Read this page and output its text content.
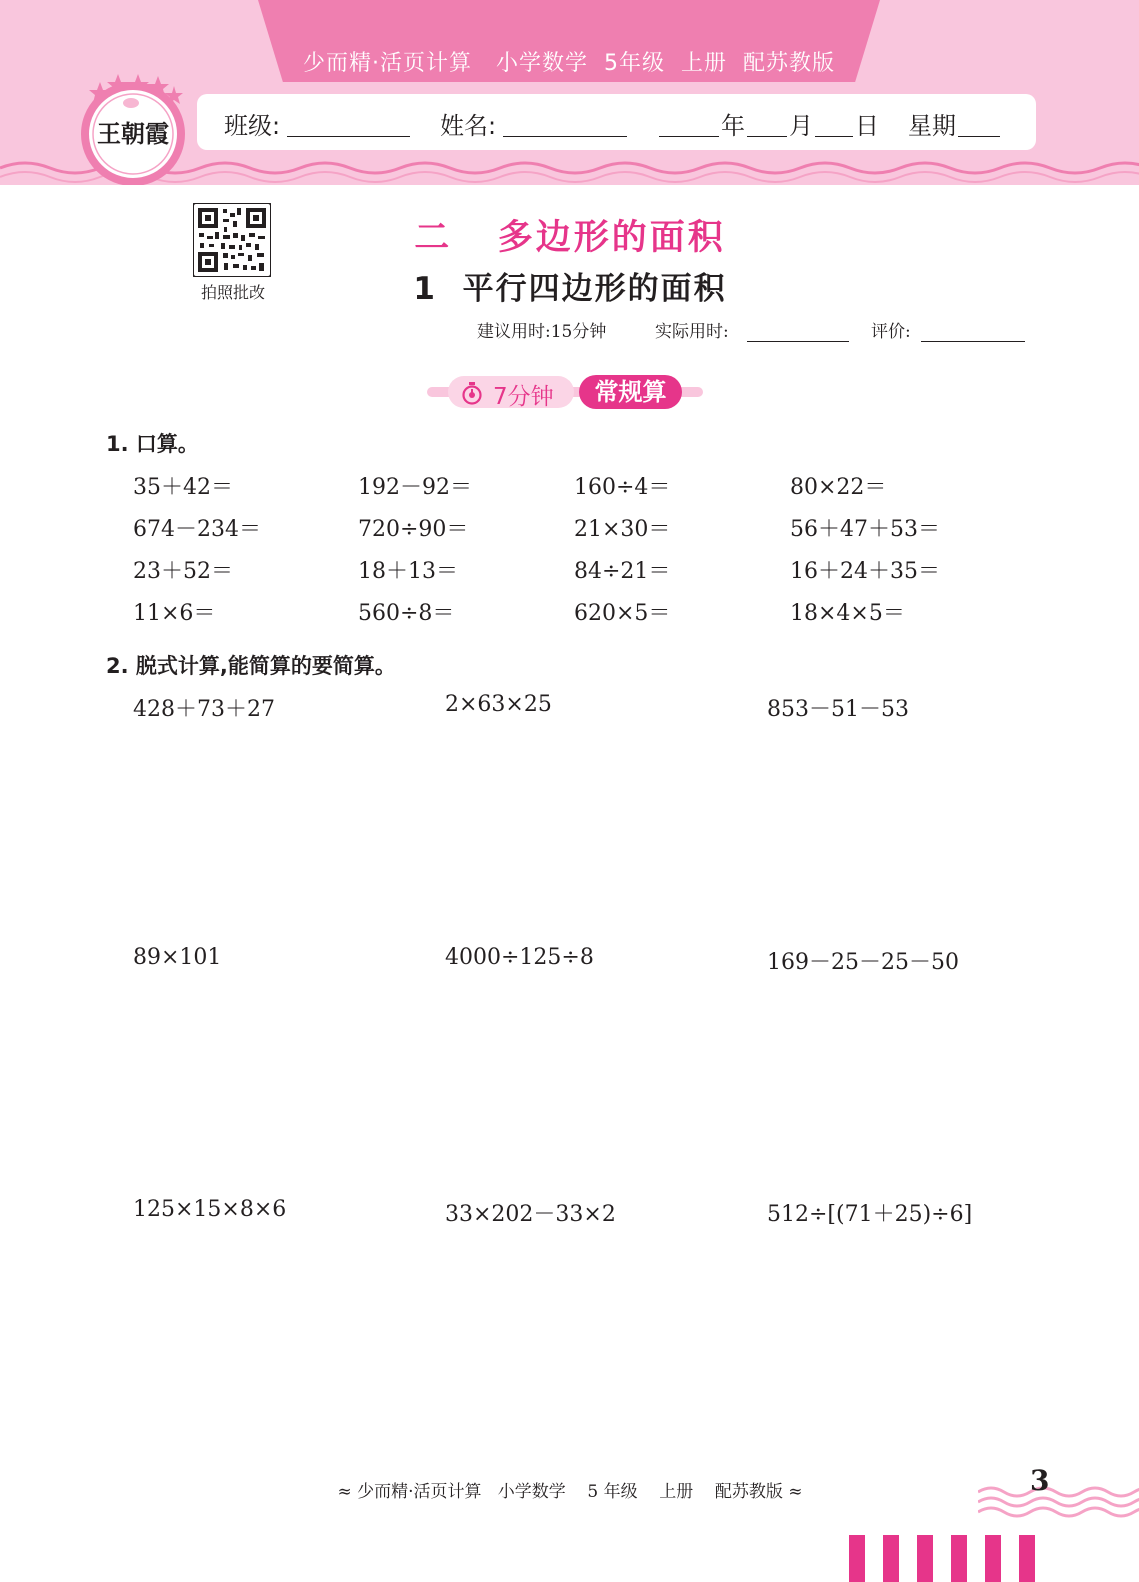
少而精·活页计算   小学数学  5年级  上册  配苏教版
班级:	姓名:	年 月 日 星期
王朝霞
拍照批改
二   多边形的面积
1  平行四边形的面积
建议用时:15分钟	实际用时:	评价:
7分钟	常规算
1. 口算。
35＋42＝	192－92＝	160÷4＝	80×22＝
674－234＝	720÷90＝	21×30＝	56＋47＋53＝
23＋52＝	18＋13＝	84÷21＝	16＋24＋35＝
11×6＝	560÷8＝	620×5＝	18×4×5＝
2. 脱式计算,能简算的要简算。
428＋73＋27	2×63×25	853－51－53
89×101	4000÷125÷8	169－25－25－50
125×15×8×6	33×202－33×2	512÷[(71＋25)÷6]
≈ 少而精·活页计算   小学数学    5 年级    上册    配苏教版 ≈	3
